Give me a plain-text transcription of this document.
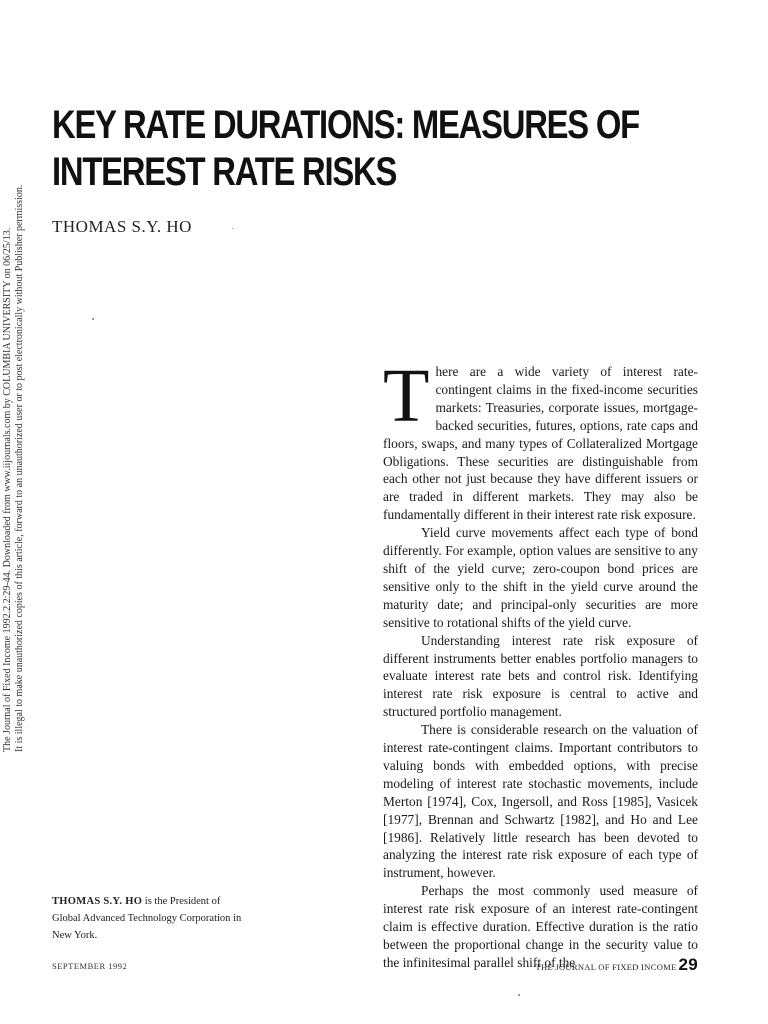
KEY RATE DURATIONS: MEASURES OF
INTEREST RATE RISKS
THOMAS S.Y. HO
The Journal of Fixed Income 1992.2.2:29-44. Downloaded from www.iijournals.com by COLUMBIA UNIVERSITY on 06/25/13. It is illegal to make unauthorized copies of this article, forward to an unauthorized user or to post electronically without Publisher permission.	There are a wide variety of interest rate-contingent claims in the fixed-income securities markets: Treasuries, corporate issues, mortgage-backed securities, futures, options, rate caps and floors, swaps, and many types of Collateralized Mortgage Obligations. These securities are distinguishable from each other not just because they have different issuers or are traded in different markets. They may also be fundamentally different in their interest rate risk exposure.

Yield curve movements affect each type of bond differently. For example, option values are sensitive to any shift of the yield curve; zero-coupon bond prices are sensitive only to the shift in the yield curve around the maturity date; and principal-only securities are more sensitive to rotational shifts of the yield curve.

Understanding interest rate risk exposure of different instruments better enables portfolio managers to evaluate interest rate bets and control risk. Identifying interest rate risk exposure is central to active and structured portfolio management.

There is considerable research on the valuation of interest rate-contingent claims. Important contributors to valuing bonds with embedded options, with precise modeling of interest rate stochastic movements, include Merton [1974], Cox, Ingersoll, and Ross [1985], Vasicek [1977], Brennan and Schwartz [1982], and Ho and Lee [1986]. Relatively little research has been devoted to analyzing the interest rate risk exposure of each type of instrument, however.

Perhaps the most commonly used measure of interest rate risk exposure of an interest rate-contingent claim is effective duration. Effective duration is the ratio between the proportional change in the security value to the infinitesimal parallel shift of the

THOMAS S.Y. HO is the President of Global Advanced Technology Corporation in New York.
SEPTEMBER 1992	THE JOURNAL OF FIXED INCOME 29
